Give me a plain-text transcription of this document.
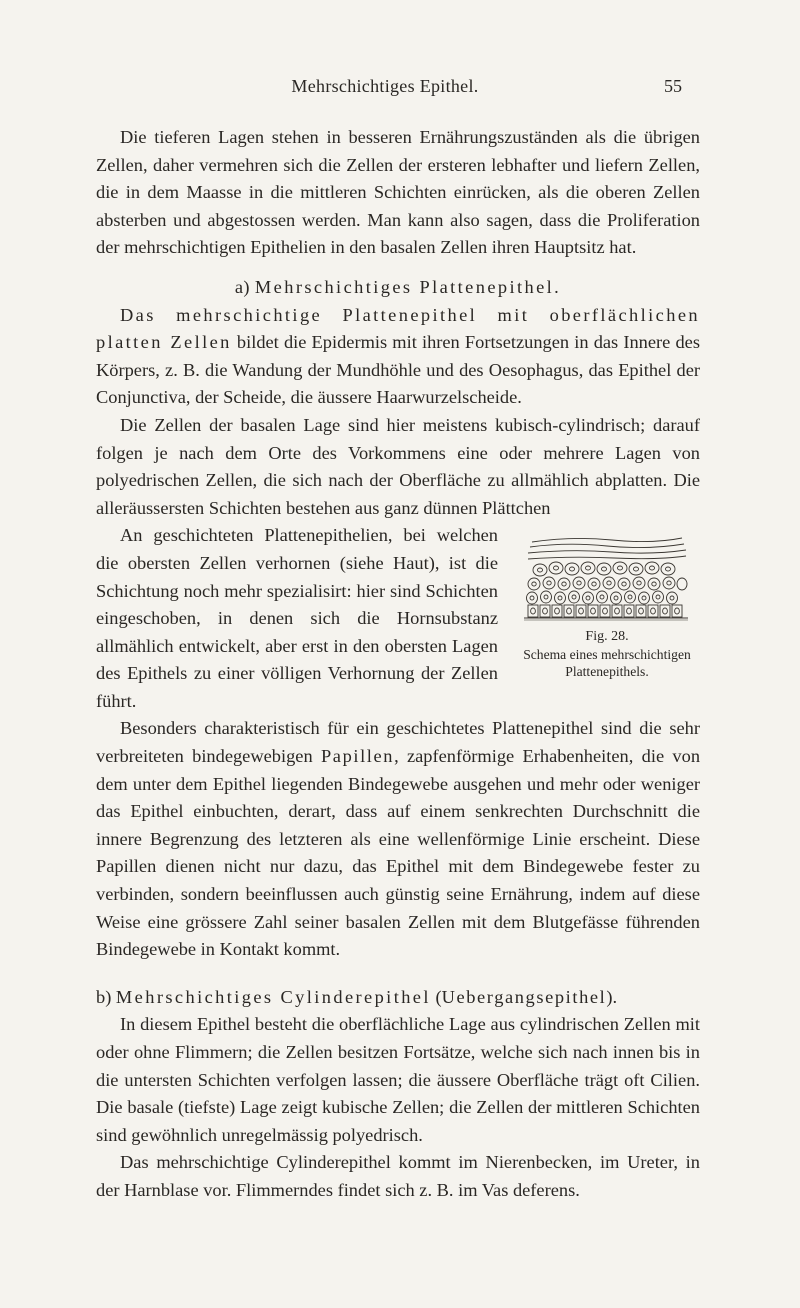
Mehrschichtiges Epithel.	55

Die tieferen Lagen stehen in besseren Ernährungszuständen als die übrigen Zellen, daher vermehren sich die Zellen der ersteren lebhafter und liefern Zellen, die in dem Maasse in die mittleren Schichten einrücken, als die oberen Zellen absterben und abgestossen werden. Man kann also sagen, dass die Proliferation der mehrschichtigen Epithelien in den basalen Zellen ihren Hauptsitz hat.

a) Mehrschichtiges Plattenepithel.

Das mehrschichtige Plattenepithel mit oberflächlichen platten Zellen bildet die Epidermis mit ihren Fortsetzungen in das Innere des Körpers, z. B. die Wandung der Mundhöhle und des Oesophagus, das Epithel der Conjunctiva, der Scheide, die äussere Haarwurzelscheide.

Die Zellen der basalen Lage sind hier meistens kubisch-cylindrisch; darauf folgen je nach dem Orte des Vorkommens eine oder mehrere Lagen von polyedrischen Zellen, die sich nach der Oberfläche zu allmählich abplatten. Die alleräussersten Schichten bestehen aus ganz dünnen Plättchen

Fig. 28.
Schema eines mehrschichtigen Plattenepithels.

An geschichteten Plattenepithelien, bei welchen die obersten Zellen verhornen (siehe Haut), ist die Schichtung noch mehr spezialisirt: hier sind Schichten eingeschoben, in denen sich die Hornsubstanz allmählich entwickelt, aber erst in den obersten Lagen des Epithels zu einer völligen Verhornung der Zellen führt.

Besonders charakteristisch für ein geschichtetes Plattenepithel sind die sehr verbreiteten bindegewebigen Papillen, zapfenförmige Erhabenheiten, die von dem unter dem Epithel liegenden Bindegewebe ausgehen und mehr oder weniger das Epithel einbuchten, derart, dass auf einem senkrechten Durchschnitt die innere Begrenzung des letzteren als eine wellenförmige Linie erscheint. Diese Papillen dienen nicht nur dazu, das Epithel mit dem Bindegewebe fester zu verbinden, sondern beeinflussen auch günstig seine Ernährung, indem auf diese Weise eine grössere Zahl seiner basalen Zellen mit dem Blutgefässe führenden Bindegewebe in Kontakt kommt.

b) Mehrschichtiges Cylinderepithel (Uebergangsepithel).

In diesem Epithel besteht die oberflächliche Lage aus cylindrischen Zellen mit oder ohne Flimmern; die Zellen besitzen Fortsätze, welche sich nach innen bis in die untersten Schichten verfolgen lassen; die äussere Oberfläche trägt oft Cilien. Die basale (tiefste) Lage zeigt kubische Zellen; die Zellen der mittleren Schichten sind gewöhnlich unregelmässig polyedrisch.

Das mehrschichtige Cylinderepithel kommt im Nierenbecken, im Ureter, in der Harnblase vor. Flimmerndes findet sich z. B. im Vas deferens.
